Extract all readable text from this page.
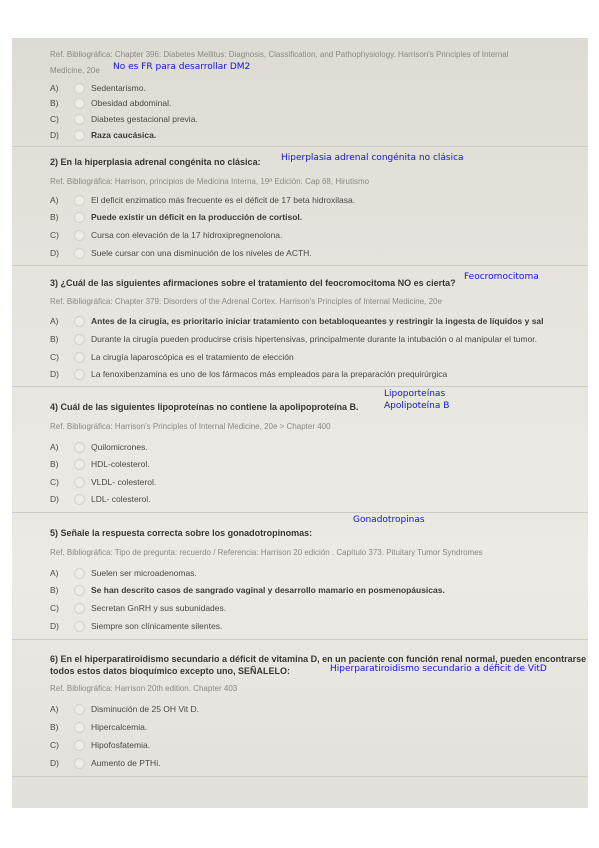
Ref. Bibliográfica: Chapter 396: Diabetes Mellitus: Diagnosis, Classification, and Pathophysiology. Harrison's Principles of Internal
Medicine, 20e
A)	Sedentarismo.
B)	Obesidad abdominal.
C)	Diabetes gestacional previa.
D)	Raza caucásica.
2) En la hiperplasia adrenal congénita no clásica:
Ref. Bibliográfica: Harrison, principios de Medicina Interna, 19ª Edición. Cap 68, Hirutismo
A)	El deficit enzimatico más frecuente es el déficit de 17 beta hidroxilasa.
B)	Puede existir un déficit en la producción de cortisol.
C)	Cursa con elevación de la 17 hidroxipregnenolona.
D)	Suele cursar con una disminución de los niveles de ACTH.
3) ¿Cuál de las siguientes afirmaciones sobre el tratamiento del feocromocitoma NO es cierta?
Ref. Bibliográfica: Chapter 379: Disorders of the Adrenal Cortex. Harrison's Principles of Internal Medicine, 20e
A)	Antes de la cirugía, es prioritario iniciar tratamiento con betabloqueantes y restringir la ingesta de líquidos y sal
B)	Durante la cirugía pueden producirse crisis hipertensivas, principalmente durante la intubación o al manipular el tumor.
C)	La cirugía laparoscópica es el tratamiento de elección
D)	La fenoxibenzamina es uno de los fármacos más empleados para la preparación prequirúrgica
4) Cuál de las siguientes lipoproteínas no contiene la apolipoproteína B.
Ref. Bibliográfica: Harrison's Principles of Internal Medicine, 20e > Chapter 400
A)	Quilomicrones.
B)	HDL-colesterol.
C)	VLDL- colesterol.
D)	LDL- colesterol.
5) Señale la respuesta correcta sobre los gonadotropinomas:
Ref. Bibliográfica: Tipo de pregunta: recuerdo / Referencia: Harrison 20 edición . Capítulo 373. Pituitary Tumor Syndromes
A)	Suelen ser microadenomas.
B)	Se han descrito casos de sangrado vaginal y desarrollo mamario en posmenopáusicas.
C)	Secretan GnRH y sus subunidades.
D)	Siempre son clínicamente silentes.
6) En el hiperparatiroidismo secundario a déficit de vitamina D, en un paciente con función renal normal, pueden encontrarse
todos estos datos bioquímico excepto uno, SEÑALELO:
Ref. Bibliográfica: Harrison 20th edition. Chapter 403
A)	Disminución de 25 OH Vit D.
B)	Hipercalcemia.
C)	Hipofosfatemia.
D)	Aumento de PTHi.
No es FR para desarrollar DM2
Hiperplasia adrenal congénita no clásica
Feocromocitoma
Lipoporteínas
Apolipoteína B
Gonadotropinas
Hiperparatiroidismo secundario a déficit de VitD
